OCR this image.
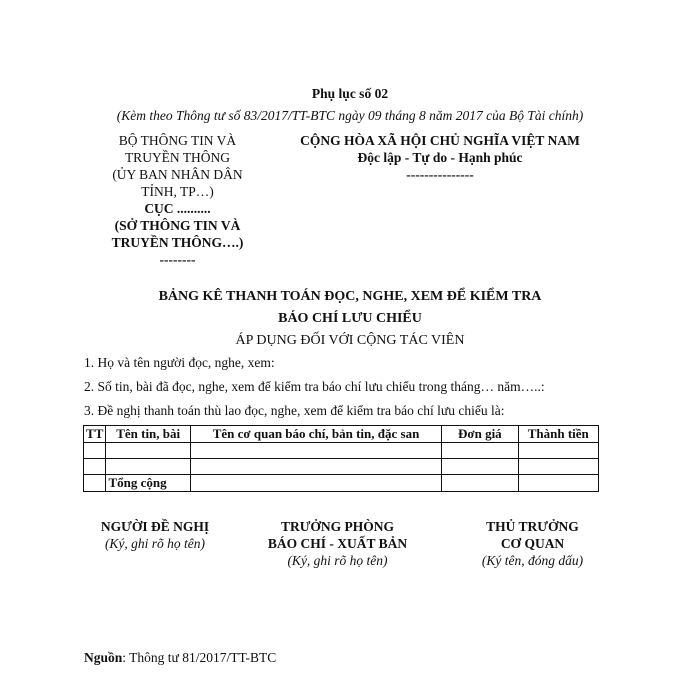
Phụ lục số 02
(Kèm theo Thông tư số 83/2017/TT-BTC ngày 09 tháng 8 năm 2017 của Bộ Tài chính)
BỘ THÔNG TIN VÀ
TRUYỀN THÔNG
(ỦY BAN NHÂN DÂN
TỈNH, TP…)
CỤC ..........
(SỞ THÔNG TIN VÀ
TRUYỀN THÔNG….)
--------
CỘNG HÒA XÃ HỘI CHỦ NGHĨA VIỆT NAM
Độc lập - Tự do - Hạnh phúc
---------------
BẢNG KÊ THANH TOÁN ĐỌC, NGHE, XEM ĐỂ KIỂM TRA
BÁO CHÍ LƯU CHIỂU
ÁP DỤNG ĐỐI VỚI CỘNG TÁC VIÊN
1. Họ và tên người đọc, nghe, xem:
2. Số tin, bài đã đọc, nghe, xem để kiểm tra báo chí lưu chiểu trong tháng… năm…..:
3. Đề nghị thanh toán thù lao đọc, nghe, xem để kiểm tra báo chí lưu chiểu là:
TT	Tên tin, bài	Tên cơ quan báo chí, bản tin, đặc san	Đơn giá	Thành tiền

	Tổng cộng			
NGƯỜI ĐỀ NGHỊ
(Ký, ghi rõ họ tên)
TRƯỞNG PHÒNG
BÁO CHÍ - XUẤT BẢN
(Ký, ghi rõ họ tên)
THỦ TRƯỞNG
CƠ QUAN
(Ký tên, đóng dấu)
Nguồn: Thông tư 81/2017/TT-BTC
